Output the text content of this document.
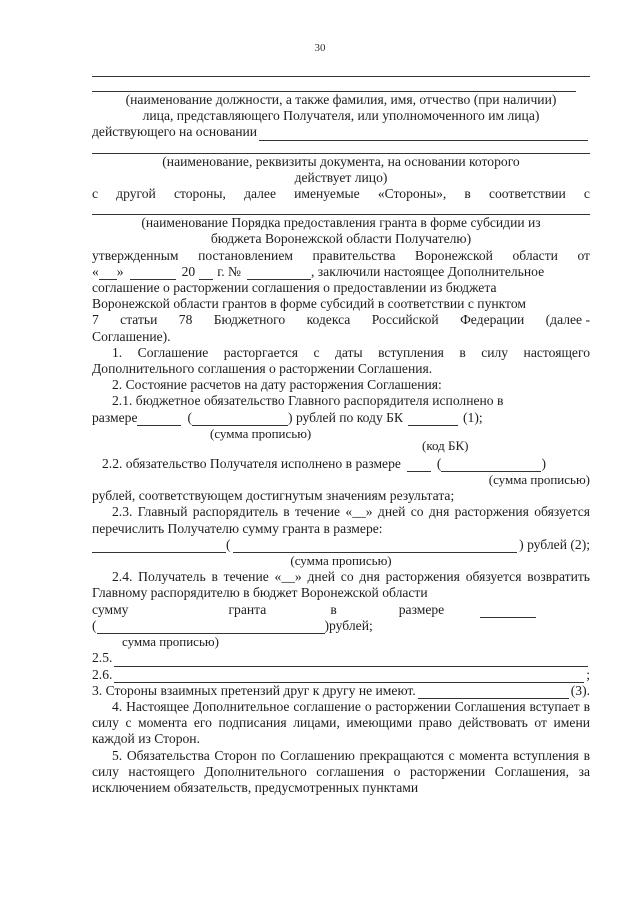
30

(наименование должности, а также фамилия, имя, отчество (при наличии)

лица, представляющего Получателя, или уполномоченного им лица)

действующего на основании

(наименование, реквизиты документа, на основании которого

действует лицо)

с другой стороны, далее именуемые «Стороны», в соответствии с

(наименование Порядка предоставления гранта в форме субсидии из

бюджета Воронежской области Получателю)

утвержденным постановлением правительства Воронежской области от
« »	20 г. №	, заключили настоящее Дополнительное

соглашение о расторжении соглашения о предоставлении из бюджета

Воронежской области грантов в форме субсидий в соответствии с пунктом

7 статьи 78 Бюджетного кодекса Российской Федерации (далее -

Соглашение).

1. Соглашение расторгается с даты вступления в силу настоящего Дополнительного соглашения о расторжении Соглашения.

2. Состояние расчетов на дату расторжения Соглашения:

2.1. бюджетное обязательство Главного распорядителя исполнено в

размере	(	) рублей по коду БК	(1);
(сумма прописью)
(код БК)
2.2. обязательство Получателя исполнено в размере	(	)

(сумма прописью)

рублей, соответствующем достигнутым значениям результата;

2.3. Главный распорядитель в течение «__» дней со дня расторжения обязуется перечислить Получателю сумму гранта в размере:

(	) рублей (2);

(сумма прописью)

2.4. Получатель в течение «__» дней со дня расторжения обязуется возвратить Главному распорядителю в бюджет Воронежской области

сумму	гранта	в	размере
(	)рублей;

сумма прописью)

2.5.
2.6.	;
3. Стороны взаимных претензий друг к другу не имеют.	(3).

4. Настоящее Дополнительное соглашение о расторжении Соглашения вступает в силу с момента его подписания лицами, имеющими право действовать от имени каждой из Сторон.

5. Обязательства Сторон по Соглашению прекращаются с момента вступления в силу настоящего Дополнительного соглашения о расторжении Соглашения, за исключением обязательств, предусмотренных пунктами
